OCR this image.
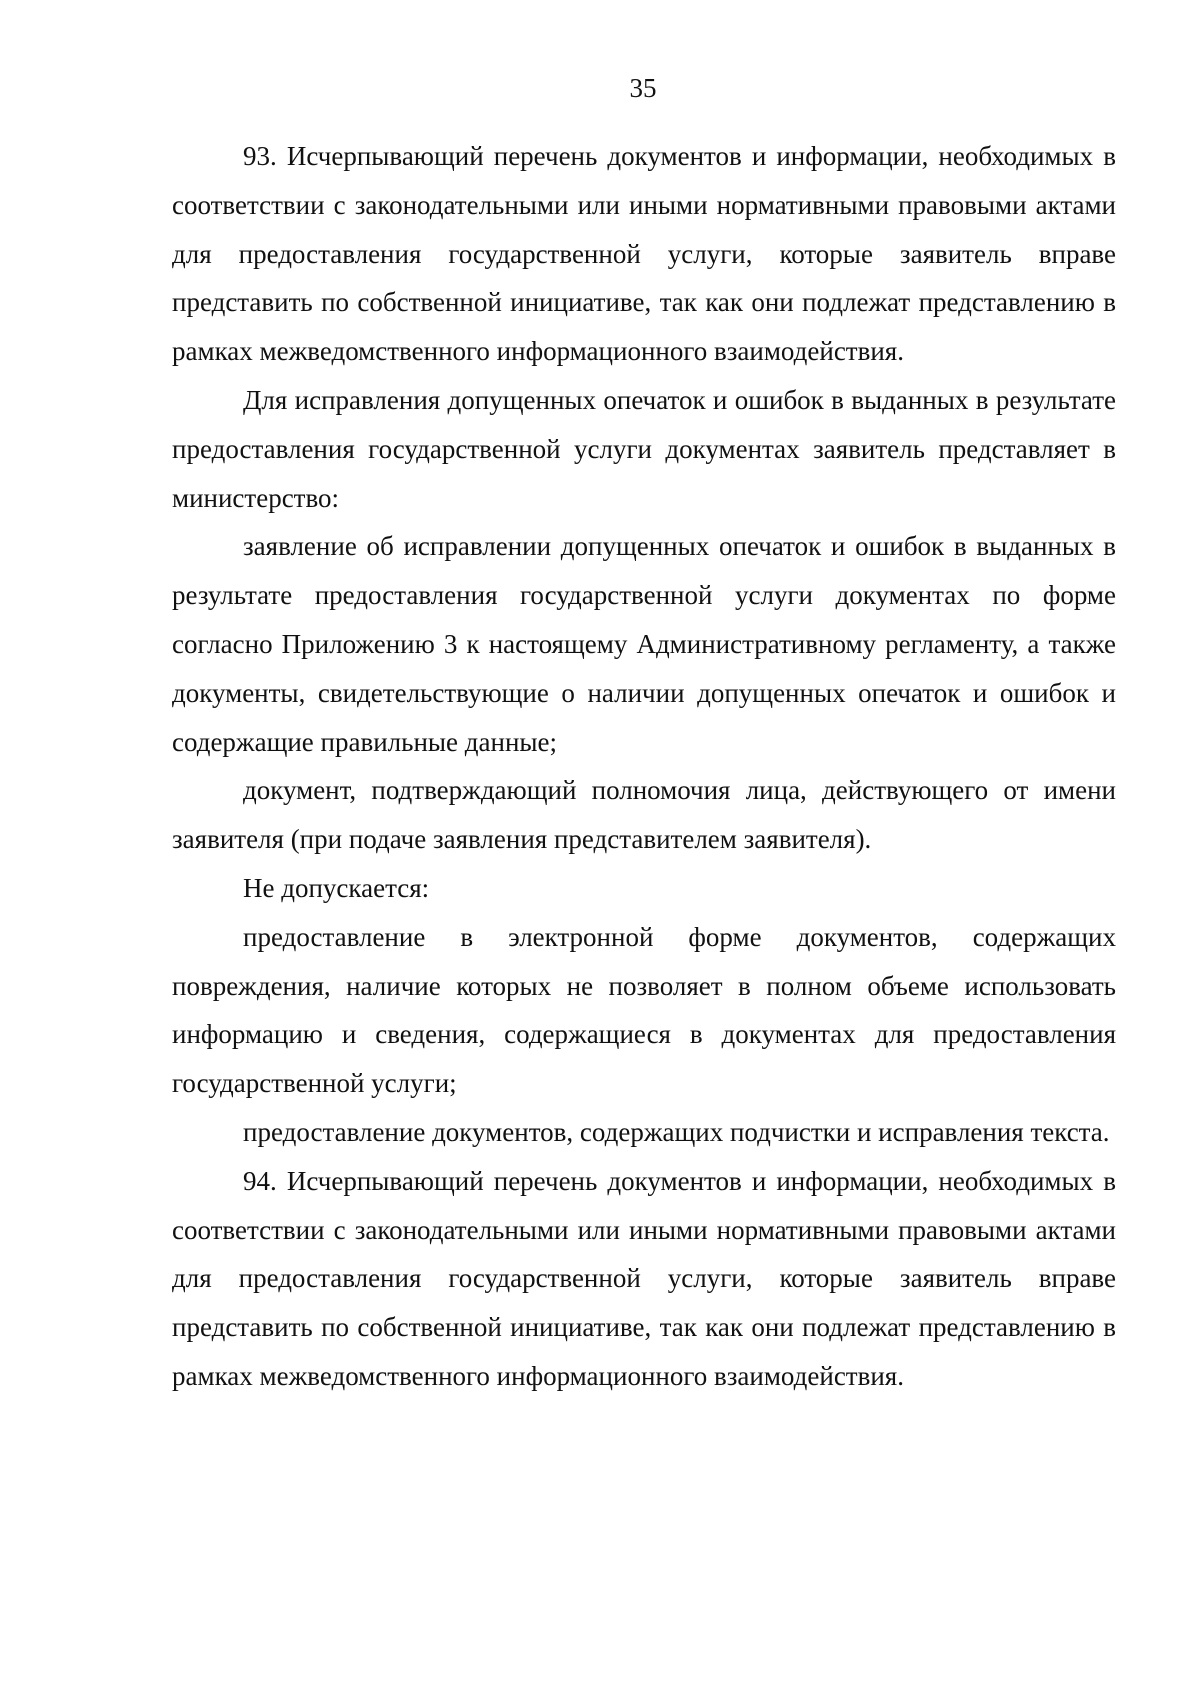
35

93. Исчерпывающий перечень документов и информации, необходимых в соответствии с законодательными или иными нормативными правовыми актами для предоставления государственной услуги, которые заявитель вправе представить по собственной инициативе, так как они подлежат представлению в рамках межведомственного информационного взаимодействия.

Для исправления допущенных опечаток и ошибок в выданных в результате предоставления государственной услуги документах заявитель представляет в министерство:

заявление об исправлении допущенных опечаток и ошибок в выданных в результате предоставления государственной услуги документах по форме согласно Приложению 3 к настоящему Административному регламенту, а также документы, свидетельствующие о наличии допущенных опечаток и ошибок и содержащие правильные данные;

документ, подтверждающий полномочия лица, действующего от имени заявителя (при подаче заявления представителем заявителя).

Не допускается:

предоставление в электронной форме документов, содержащих повреждения, наличие которых не позволяет в полном объеме использовать информацию и сведения, содержащиеся в документах для предоставления государственной услуги;

предоставление документов, содержащих подчистки и исправления текста.

94. Исчерпывающий перечень документов и информации, необходимых в соответствии с законодательными или иными нормативными правовыми актами для предоставления государственной услуги, которые заявитель вправе представить по собственной инициативе, так как они подлежат представлению в рамках межведомственного информационного взаимодействия.
